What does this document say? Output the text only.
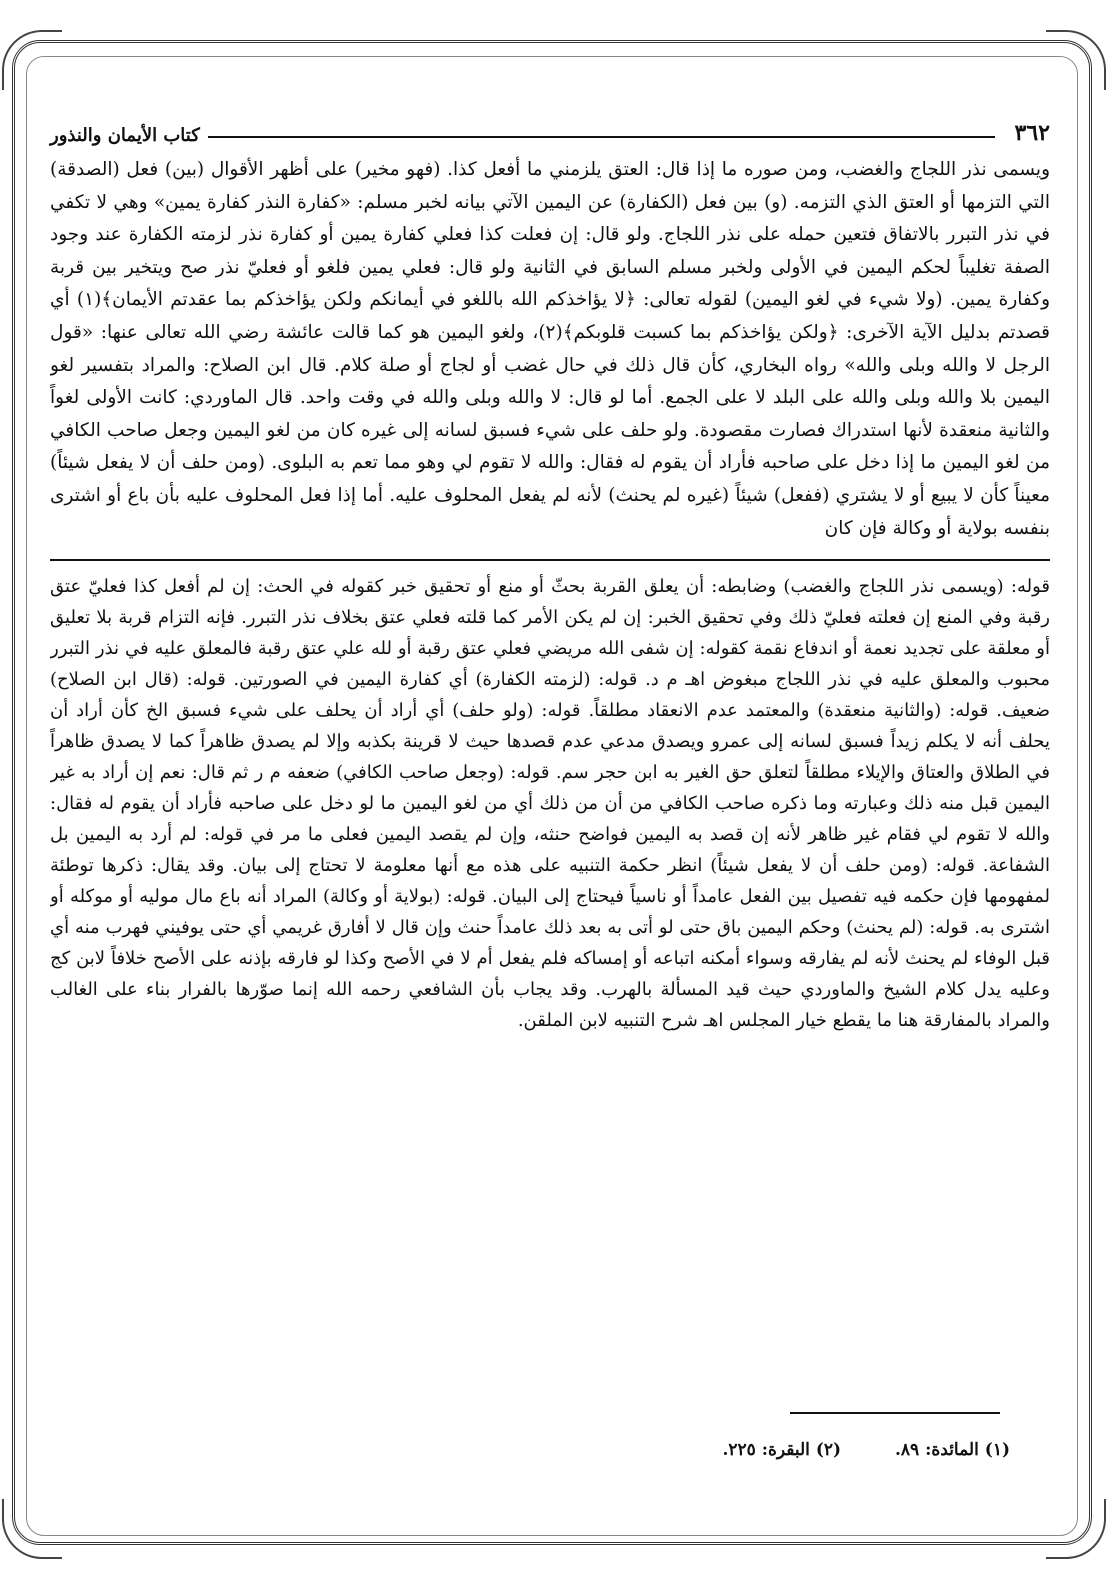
٣٦٢
كتاب الأيمان والنذور
ويسمى نذر اللجاج والغضب، ومن صوره ما إذا قال: العتق يلزمني ما أفعل كذا. (فهو مخير) على أظهر الأقوال (بين) فعل (الصدقة) التي التزمها أو العتق الذي التزمه. (و) بين فعل (الكفارة) عن اليمين الآتي بيانه لخبر مسلم: «كفارة النذر كفارة يمين» وهي لا تكفي في نذر التبرر بالاتفاق فتعين حمله على نذر اللجاج. ولو قال: إن فعلت كذا فعلي كفارة يمين أو كفارة نذر لزمته الكفارة عند وجود الصفة تغليباً لحكم اليمين في الأولى ولخبر مسلم السابق في الثانية ولو قال: فعلي يمين فلغو أو فعليّ نذر صح ويتخير بين قربة وكفارة يمين. (ولا شيء في لغو اليمين) لقوله تعالى: ﴿لا يؤاخذكم الله باللغو في أيمانكم ولكن يؤاخذكم بما عقدتم الأيمان﴾(١) أي قصدتم بدليل الآية الآخرى: ﴿ولكن يؤاخذكم بما كسبت قلوبكم﴾(٢)، ولغو اليمين هو كما قالت عائشة رضي الله تعالى عنها: «قول الرجل لا والله وبلى والله» رواه البخاري، كأن قال ذلك في حال غضب أو لجاج أو صلة كلام. قال ابن الصلاح: والمراد بتفسير لغو اليمين بلا والله وبلى والله على البلد لا على الجمع. أما لو قال: لا والله وبلى والله في وقت واحد. قال الماوردي: كانت الأولى لغواً والثانية منعقدة لأنها استدراك فصارت مقصودة. ولو حلف على شيء فسبق لسانه إلى غيره كان من لغو اليمين وجعل صاحب الكافي من لغو اليمين ما إذا دخل على صاحبه فأراد أن يقوم له فقال: والله لا تقوم لي وهو مما تعم به البلوى. (ومن حلف أن لا يفعل شيئاً) معيناً كأن لا يبيع أو لا يشتري (ففعل) شيئاً (غيره لم يحنث) لأنه لم يفعل المحلوف عليه. أما إذا فعل المحلوف عليه بأن باع أو اشترى بنفسه بولاية أو وكالة فإن كان
قوله: (ويسمى نذر اللجاج والغضب) وضابطه: أن يعلق القربة بحثّ أو منع أو تحقيق خبر كقوله في الحث: إن لم أفعل كذا فعليّ عتق رقبة وفي المنع إن فعلته فعليّ ذلك وفي تحقيق الخبر: إن لم يكن الأمر كما قلته فعلي عتق بخلاف نذر التبرر. فإنه التزام قربة بلا تعليق أو معلقة على تجديد نعمة أو اندفاع نقمة كقوله: إن شفى الله مريضي فعلي عتق رقبة أو لله علي عتق رقبة فالمعلق عليه في نذر التبرر محبوب والمعلق عليه في نذر اللجاج مبغوض اهـ م د. قوله: (لزمته الكفارة) أي كفارة اليمين في الصورتين. قوله: (قال ابن الصلاح) ضعيف. قوله: (والثانية منعقدة) والمعتمد عدم الانعقاد مطلقاً. قوله: (ولو حلف) أي أراد أن يحلف على شيء فسبق الخ كأن أراد أن يحلف أنه لا يكلم زيداً فسبق لسانه إلى عمرو ويصدق مدعي عدم قصدها حيث لا قرينة بكذبه وإلا لم يصدق ظاهراً كما لا يصدق ظاهراً في الطلاق والعتاق والإيلاء مطلقاً لتعلق حق الغير به ابن حجر سم. قوله: (وجعل صاحب الكافي) ضعفه م ر ثم قال: نعم إن أراد به غير اليمين قبل منه ذلك وعبارته وما ذكره صاحب الكافي من أن من ذلك أي من لغو اليمين ما لو دخل على صاحبه فأراد أن يقوم له فقال: والله لا تقوم لي فقام غير ظاهر لأنه إن قصد به اليمين فواضح حنثه، وإن لم يقصد اليمين فعلى ما مر في قوله: لم أرد به اليمين بل الشفاعة. قوله: (ومن حلف أن لا يفعل شيئاً) انظر حكمة التنبيه على هذه مع أنها معلومة لا تحتاج إلى بيان. وقد يقال: ذكرها توطئة لمفهومها فإن حكمه فيه تفصيل بين الفعل عامداً أو ناسياً فيحتاج إلى البيان. قوله: (بولاية أو وكالة) المراد أنه باع مال موليه أو موكله أو اشترى به. قوله: (لم يحنث) وحكم اليمين باق حتى لو أتى به بعد ذلك عامداً حنث وإن قال لا أفارق غريمي أي حتى يوفيني فهرب منه أي قبل الوفاء لم يحنث لأنه لم يفارقه وسواء أمكنه اتباعه أو إمساكه فلم يفعل أم لا في الأصح وكذا لو فارقه بإذنه على الأصح خلافاً لابن كج وعليه يدل كلام الشيخ والماوردي حيث قيد المسألة بالهرب. وقد يجاب بأن الشافعي رحمه الله إنما صوّرها بالفرار بناء على الغالب والمراد بالمفارقة هنا ما يقطع خيار المجلس اهـ شرح التنبيه لابن الملقن.
(١) المائدة: ٨٩. (٢) البقرة: ٢٢٥.
